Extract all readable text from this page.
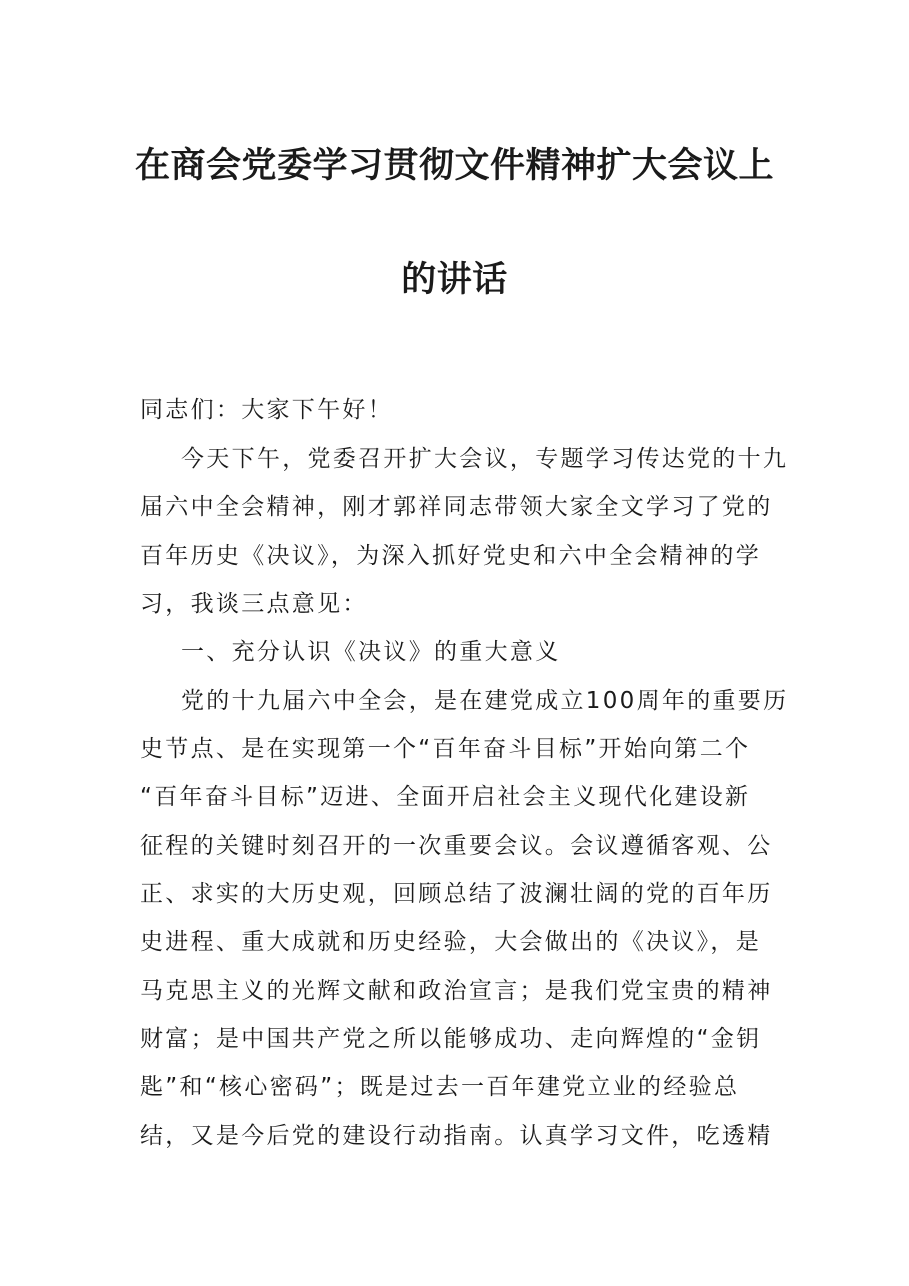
在商会党委学习贯彻文件精神扩大会议上
的讲话
同志们：大家下午好！
今天下午，党委召开扩大会议，专题学习传达党的十九
届六中全会精神，刚才郭祥同志带领大家全文学习了党的
百年历史《决议》，为深入抓好党史和六中全会精神的学
习，我谈三点意见：
一、充分认识《决议》的重大意义
党的十九届六中全会，是在建党成立100周年的重要历
史节点、是在实现第一个“百年奋斗目标”开始向第二个
“百年奋斗目标”迈进、全面开启社会主义现代化建设新
征程的关键时刻召开的一次重要会议。会议遵循客观、公
正、求实的大历史观，回顾总结了波澜壮阔的党的百年历
史进程、重大成就和历史经验，大会做出的《决议》，是
马克思主义的光辉文献和政治宣言；是我们党宝贵的精神
财富；是中国共产党之所以能够成功、走向辉煌的“金钥
匙”和“核心密码”；既是过去一百年建党立业的经验总
结，又是今后党的建设行动指南。认真学习文件，吃透精
